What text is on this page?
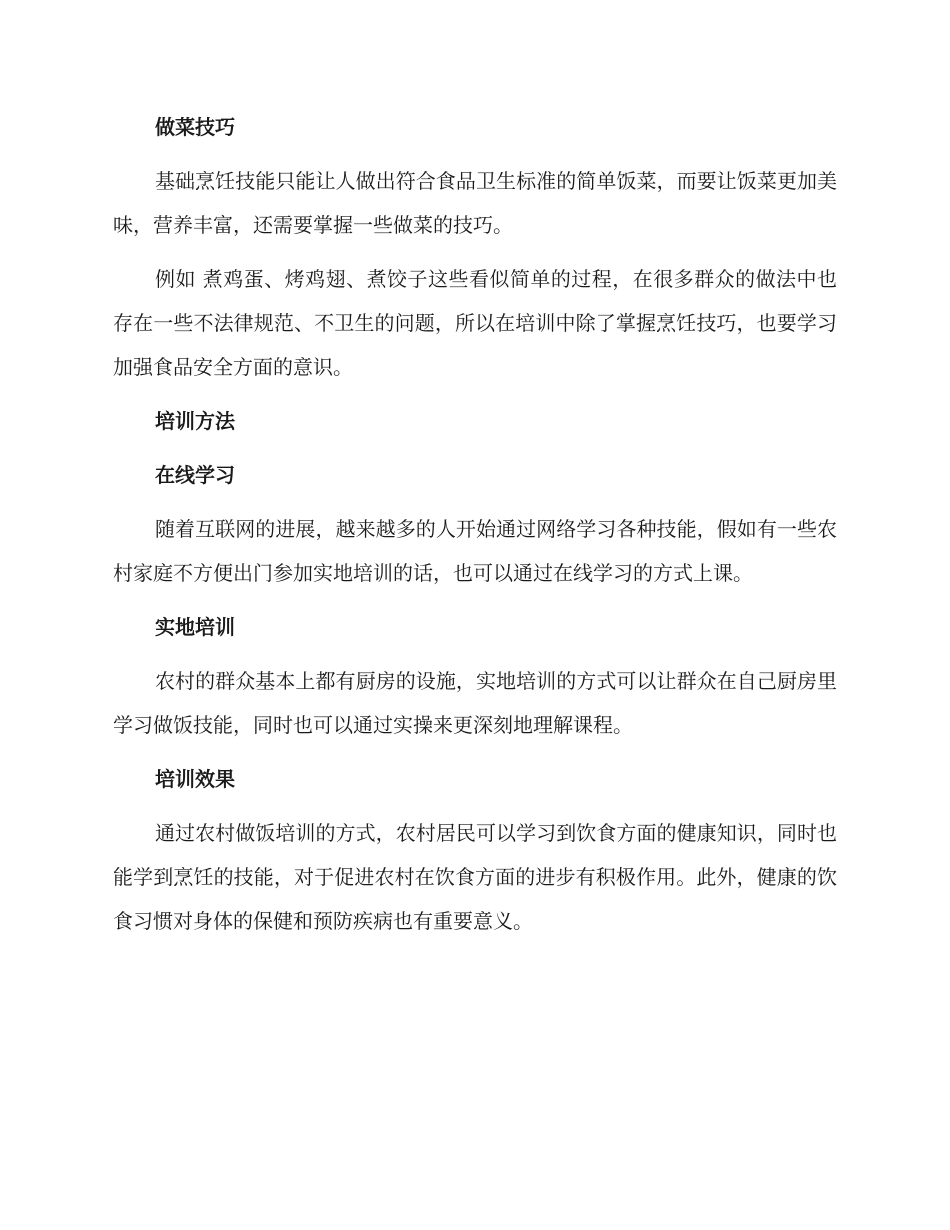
做菜技巧

基础烹饪技能只能让人做出符合食品卫生标准的简单饭菜，而要让饭菜更加美味，营养丰富，还需要掌握一些做菜的技巧。

例如 煮鸡蛋、烤鸡翅、煮饺子这些看似简单的过程，在很多群众的做法中也存在一些不法律规范、不卫生的问题，所以在培训中除了掌握烹饪技巧，也要学习加强食品安全方面的意识。

培训方法
在线学习

随着互联网的进展，越来越多的人开始通过网络学习各种技能，假如有一些农村家庭不方便出门参加实地培训的话，也可以通过在线学习的方式上课。

实地培训

农村的群众基本上都有厨房的设施，实地培训的方式可以让群众在自己厨房里学习做饭技能，同时也可以通过实操来更深刻地理解课程。

培训效果

通过农村做饭培训的方式，农村居民可以学习到饮食方面的健康知识，同时也能学到烹饪的技能，对于促进农村在饮食方面的进步有积极作用。此外，健康的饮食习惯对身体的保健和预防疾病也有重要意义。
